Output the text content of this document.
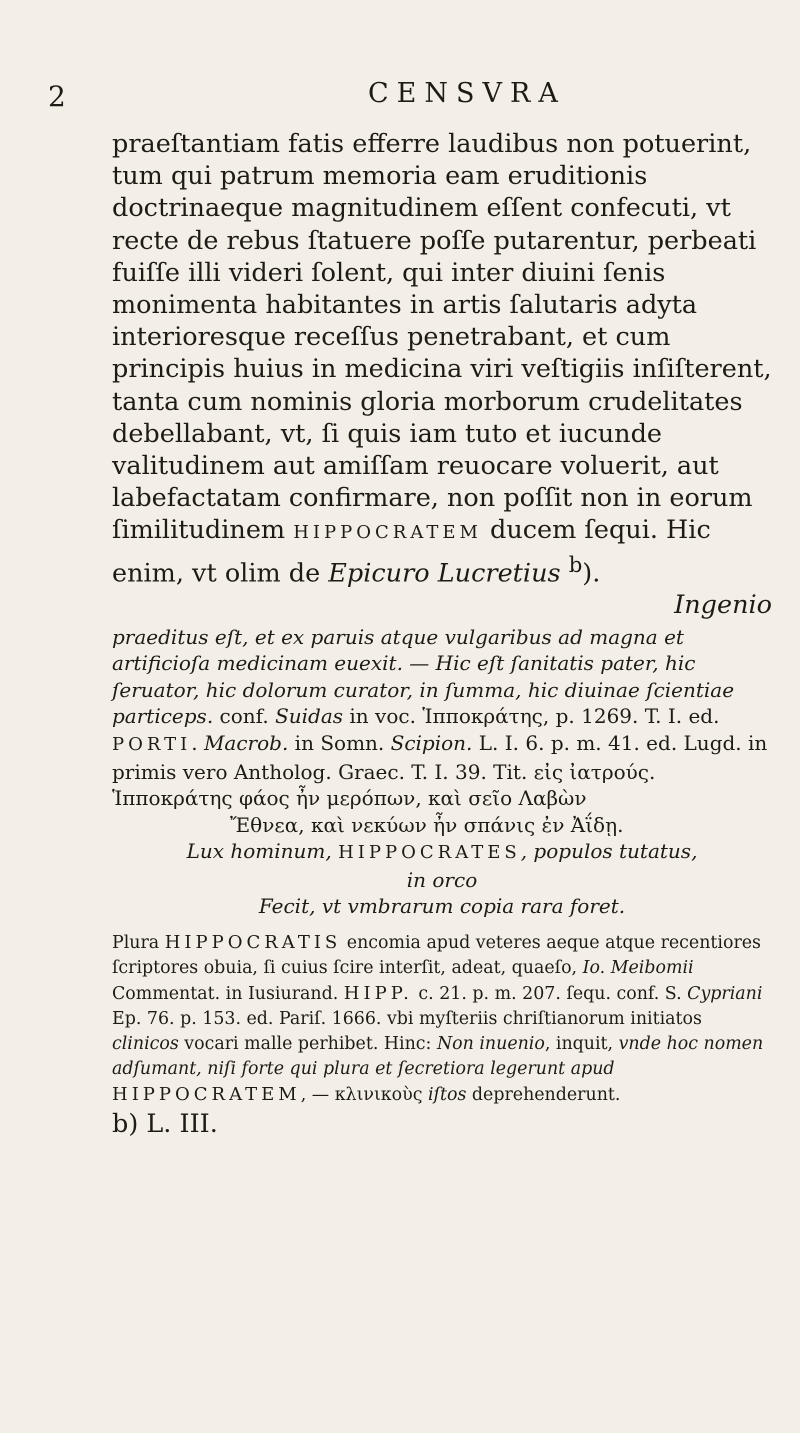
2	CENSVRA

praeſtantiam fatis efferre laudibus non potuerint, tum qui patrum memoria eam eruditionis doctrinaeque magnitudinem eſſent confecuti, vt recte de rebus ſtatuere poſſe putarentur, perbeati fuiſſe illi videri ſolent, qui inter diuini ſenis monimenta habitantes in artis ſalutaris adyta interioresque receſſus penetrabant, et cum principis huius in medicina viri veſtigiis inſiſterent, tanta cum nominis gloria morborum crudelitates debellabant, vt, ſi quis iam tuto et iucunde valitudinem aut amiſſam reuocare voluerit, aut labefactatam confirmare, non poſſit non in eorum ſimilitudinem HIPPOCRATEM ducem ſequi. Hic enim, vt olim de Epicuro Lucretius $^b$).

Ingenio

praeditus eſt, et ex paruis atque vulgaribus ad magna et artificioſa medicinam euexit. — Hic eſt ſanitatis pater, hic ſeruator, hic dolorum curator, in ſumma, hic diuinae ſcientiae particeps. conf. Suidas in voc. Ἱπποκράτης, p. 1269. T. I. ed. PORTI. Macrob. in Somn. Scipion. L. I. 6. p. m. 41. ed. Lugd. in primis vero Antholog. Graec. T. I. 39. Tit. εἰς ἰατρούς.

Ἱπποκράτης φάος ἦν μερόπων, καὶ σεῖο Λαβὼν

Ἔθνεα, καὶ νεκύων ἦν σπάνις ἐν Ἀΐδῃ.

Lux hominum, HIPPOCRATES, populos tutatus,

in orco

Fecit, vt vmbrarum copia rara foret.

Plura HIPPOCRATIS encomia apud veteres aeque atque recentiores ſcriptores obuia, ſi cuius ſcire interſit, adeat, quaeſo, Io. Meibomii Commentat. in Iusiurand. HIPP. c. 21. p. m. 207. ſequ. conf. S. Cypriani Ep. 76. p. 153. ed. Pariſ. 1666. vbi myſteriis chriſtianorum initiatos clinicos vocari malle perhibet. Hinc: Non inuenio, inquit, vnde hoc nomen adſumant, niſi forte qui plura et ſecretiora legerunt apud HIPPOCRATEM, — κλινικοὺς iſtos deprehenderunt.

b) L. III.
